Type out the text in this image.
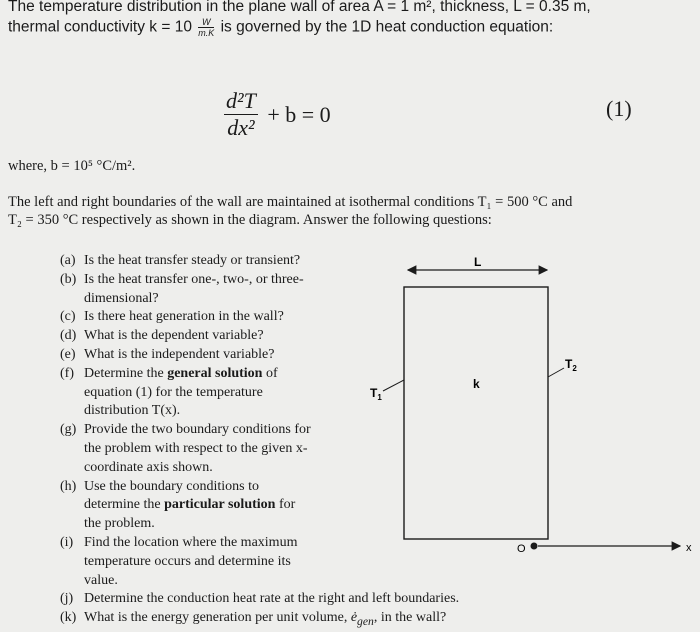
The temperature distribution in the plane wall of area A = 1 m², thickness, L = 0.35 m,
thermal conductivity $k = 10 \frac{W}{m.K}$ is governed by the 1D heat conduction equation:
$\frac{\text{d²T}}{\text{dx²}} + b = 0$	(1)
where, b = 10⁵ °C/m².
The left and right boundaries of the wall are maintained at isothermal conditions T₁ = 500 °C and
T₂ = 350 °C respectively as shown in the diagram. Answer the following questions:
(a) Is the heat transfer steady or transient?
(b) Is the heat transfer one-, two-, or three-
dimensional?
(c) Is there heat generation in the wall?
(d) What is the dependent variable?
(e) What is the independent variable?
(f) Determine the general solution of
equation (1) for the temperature
distribution T(x).
(g) Provide the two boundary conditions for
the problem with respect to the given x-
coordinate axis shown.
(h) Use the boundary conditions to
determine the particular solution for
the problem.
(i) Find the location where the maximum
temperature occurs and determine its
value.
(j) Determine the conduction heat rate at the right and left boundaries.
(k) What is the energy generation per unit volume, $ė_{gen}$, in the wall?
L
k
$T_1$
$T_2$
O	x
